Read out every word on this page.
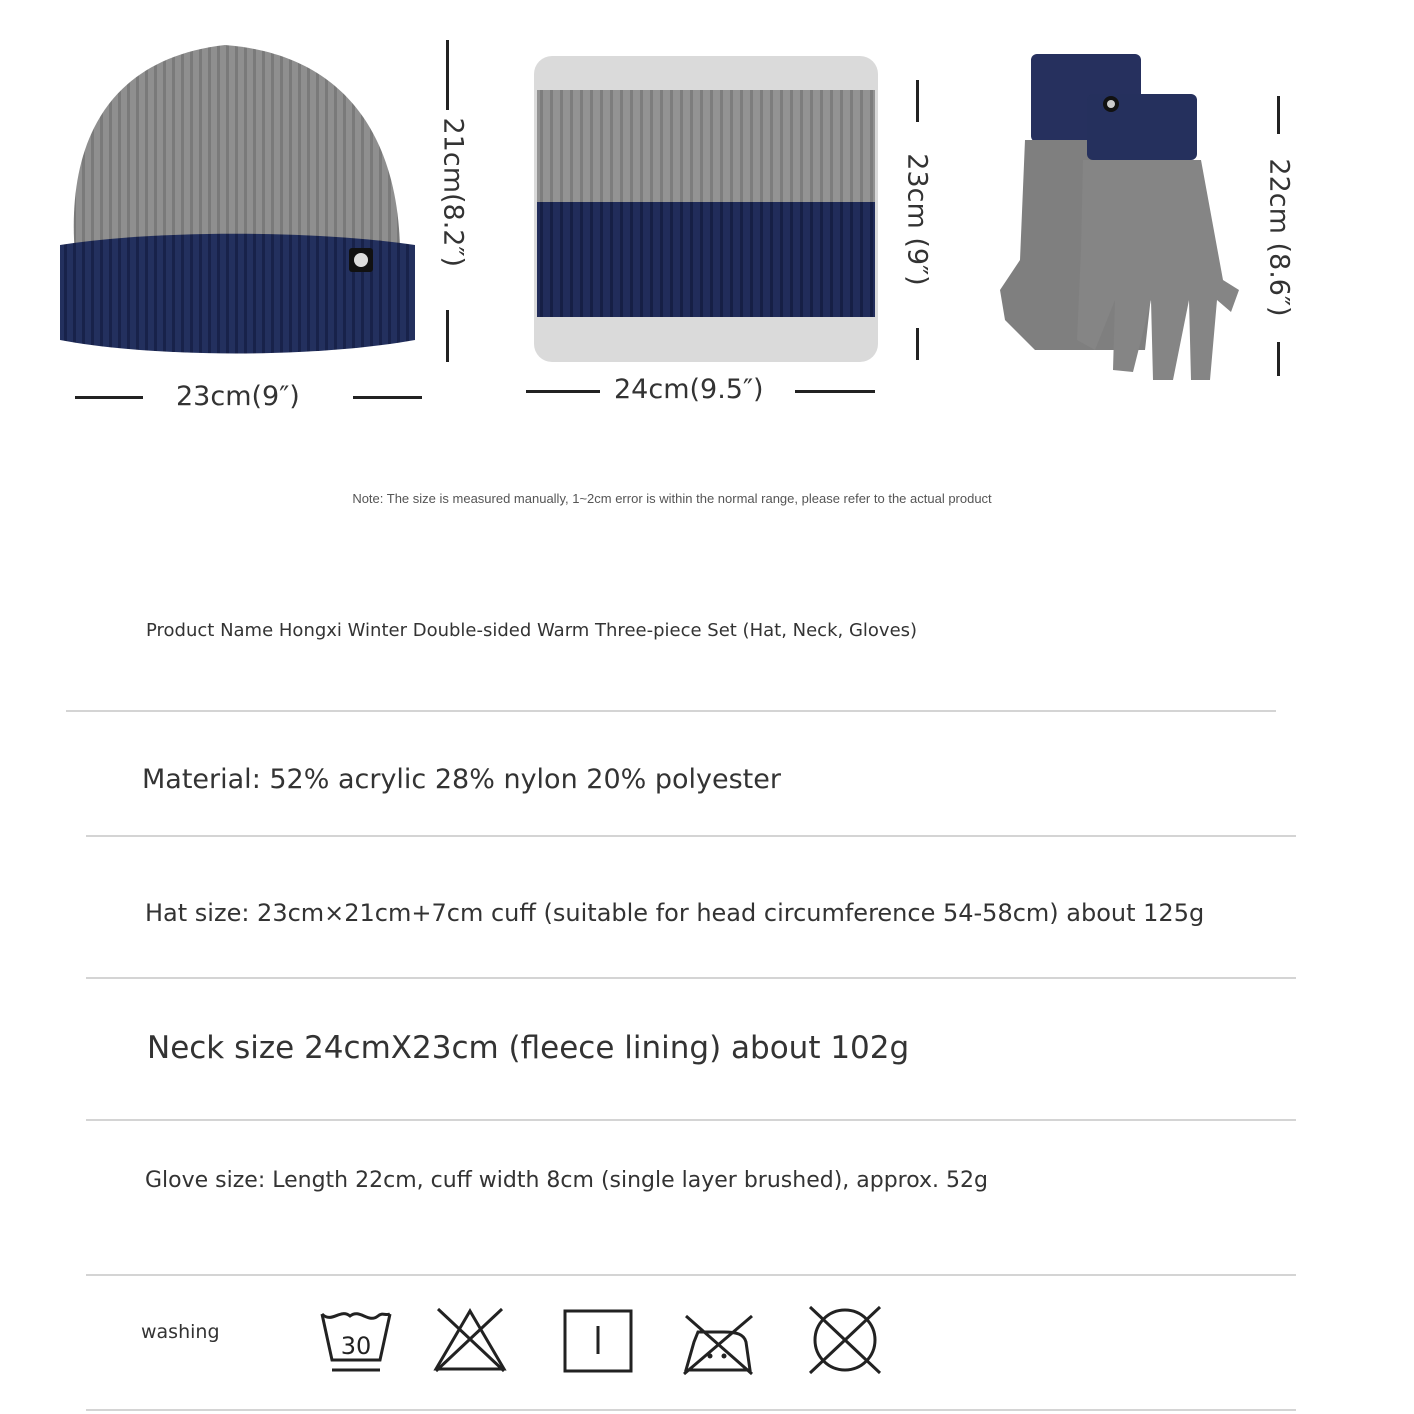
23cm(9″)
21cm(8.2″)
24cm(9.5″)
23cm (9″)	22cm (8.6″)
Note: The size is measured manually, 1~2cm error is within the normal range, please refer to the actual product
Product Name Hongxi Winter Double-sided Warm Three-piece Set (Hat, Neck, Gloves)
Material: 52% acrylic 28% nylon 20% polyester
Hat size: 23cm×21cm+7cm cuff (suitable for head circumference 54-58cm) about 125g
Neck size 24cmX23cm (fleece lining) about 102g
Glove size: Length 22cm, cuff width 8cm (single layer brushed), approx. 52g
washing	30
